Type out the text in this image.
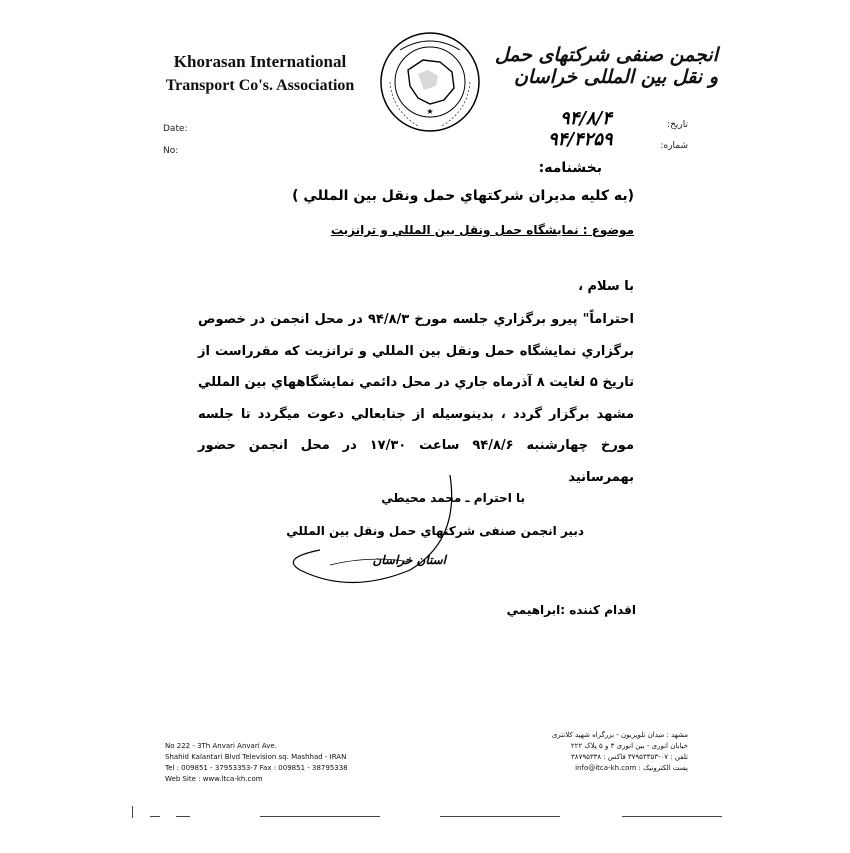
Khorasan International
Transport Co's. Association
★
انجمن صنفی شرکتهای حمل و نقل بین المللی خراسان
Date:
No:
تاریخ:
شماره:
۹۴/۸/۴
۹۴/۴۲۵۹
بخشنامه:
(به كليه مديران شركتهاي حمل ونقل بين المللي )
موضوع : نمايشگاه حمل ونقل بين المللي و ترانزيت
با سلام ،
احتراماً" پيرو برگزاري جلسه مورخ ۹۴/۸/۳ در محل انجمن در خصوص برگزاري نمايشگاه حمل ونقل بين المللي و ترانزيت كه مقرراست از تاريخ ۵ لغايت ۸ آذرماه جاري در محل دائمي نمايشگاههاي بين المللي مشهد برگزار گردد ، بدينوسيله از جنابعالي دعوت ميگردد تا جلسه مورخ چهارشنبه ۹۴/۸/۶ ساعت ۱۷/۳۰ در محل انجمن حضور بهمرسانيد
با احترام ـ محمد محيطي
دبير انجمن صنفی شركتهاي حمل ونقل بين المللي
استان خراسان
اقدام كننده :ابراهيمي
No 222 - 3Th Anvari Anvari Ave.
Shahid Kalantari Blvd Television sq. Mashhad - IRAN
Tel : 009851 - 37953353-7 Fax : 009851 - 38795338
Web Site : www.ltca-kh.com
مشهد : میدان تلویزیون - بزرگراه شهید کلانتری
خیابان انوری - بین انوری ۳ و ۵ پلاک ۲۲۲
تلفن : ۰۷-۳۷۹۵۳۳۵۳ فاکس : ۳۸۷۹۵۳۳۸
پست الکترونیک : info@itca-kh.com
